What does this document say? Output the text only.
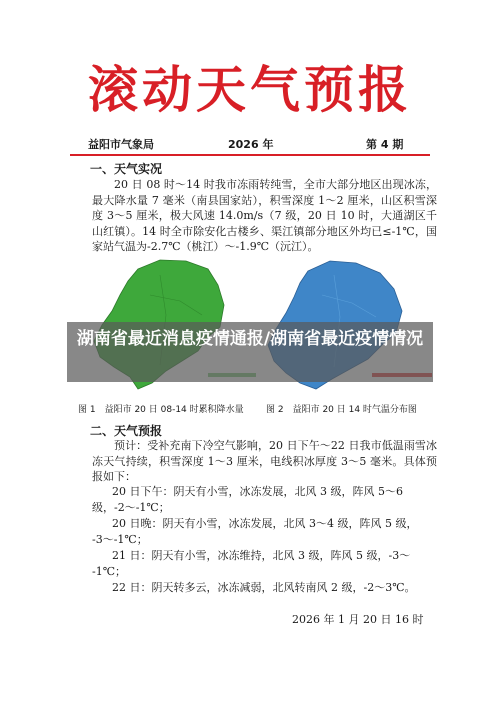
滚动天气预报
益阳市气象局	2026 年	第 4 期
一、天气实况

20 日 08 时～14 时我市冻雨转纯雪，全市大部分地区出现冰冻，最大降水量 7 毫米（南县国家站），积雪深度 1～2 厘米，山区积雪深度 3～5 厘米，极大风速 14.0m/s（7 级，20 日 10 时，大通湖区千山红镇）。14 时全市除安化古楼乡、渠江镇部分地区外均已≤-1℃，国家站气温为-2.7℃（桃江）～-1.9℃（沅江）。

湖南省最近消息疫情通报/湖南省最近疫情情况
图 1　益阳市 20 日 08-14 时累积降水量 图 2　益阳市 20 日 14 时气温分布图
二、天气预报

预计：受补充南下冷空气影响，20 日下午～22 日我市低温雨雪冰冻天气持续，积雪深度 1～3 厘米，电线积冰厚度 3～5 毫米。具体预报如下：

20 日下午：阴天有小雪，冰冻发展，北风 3 级，阵风 5～6
级，-2～-1℃；
20 日晚：阴天有小雪，冰冻发展，北风 3～4 级，阵风 5 级，
-3～-1℃；
21 日：阴天有小雪，冰冻维持，北风 3 级，阵风 5 级，-3～
-1℃；
22 日：阴天转多云，冰冻减弱，北风转南风 2 级，-2～3℃。
2026 年 1 月 20 日 16 时
